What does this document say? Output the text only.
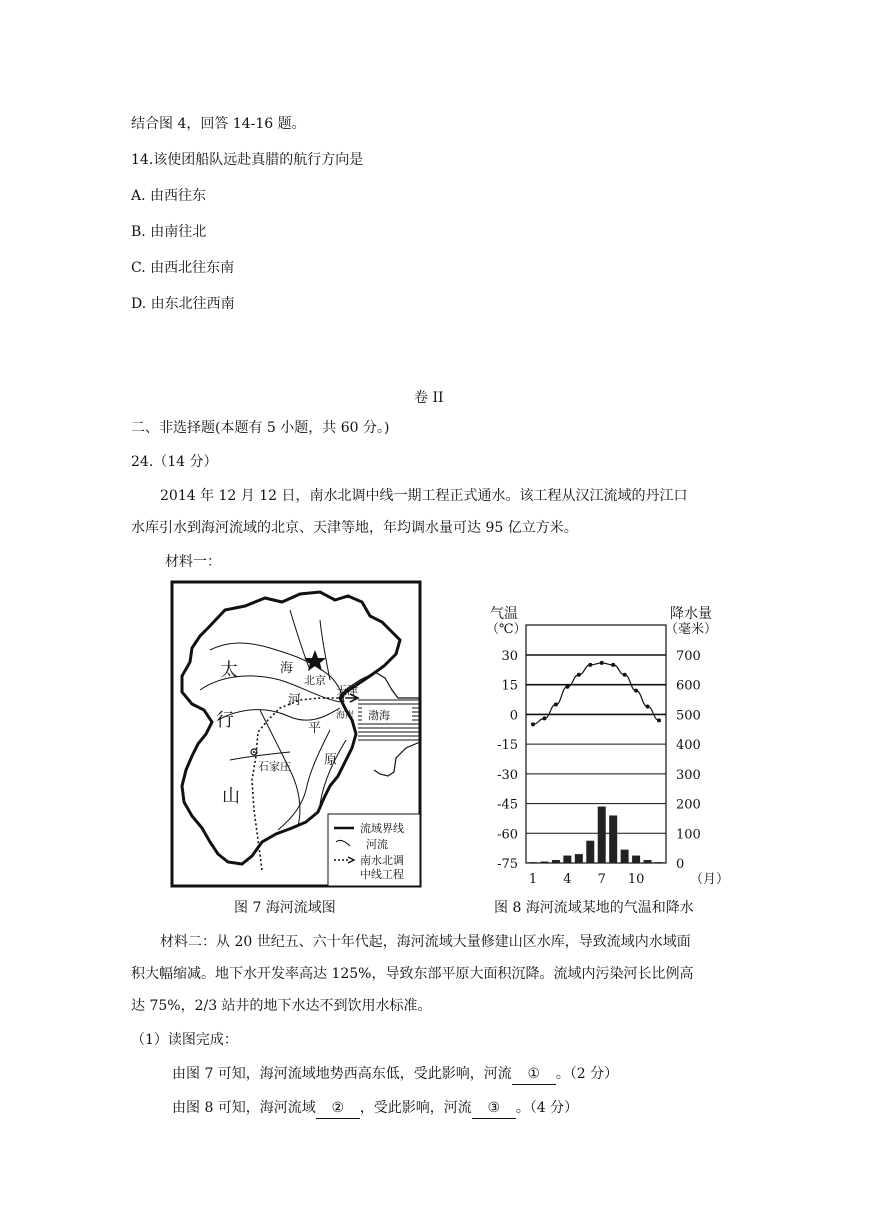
结合图 4，回答 14-16 题。
14.该使团船队远赴真腊的航行方向是
A. 由西往东
B. 由南往北
C. 由西北往东南
D. 由东北往西南
卷 II
二、非选择题(本题有 5 小题，共 60 分。)
24.（14 分）
2014 年 12 月 12 日，南水北调中线一期工程正式通水。该工程从汉江流域的丹江口
水库引水到海河流域的北京、天津等地，年均调水量可达 95 亿立方米。
材料一：
太	海
河
行
山
平
原
北京
天津
海岸 渤海
石家庄
流域界线
河流
南水北调
中线工程
图 7 海河流域图
气温
（℃）
降水量
（毫米）
30	700
15	600
0	500
-15	400
-30	300
-45	200
-60	100
-75	0
1 4 7 10	（月）
图 8 海河流域某地的气温和降水
材料二：从 20 世纪五、六十年代起，海河流域大量修建山区水库，导致流域内水域面
积大幅缩减。地下水开发率高达 125%，导致东部平原大面积沉降。流域内污染河长比例高
达 75%，2/3 站井的地下水达不到饮用水标准。
（1）读图完成：
由图 7 可知，海河流域地势西高东低，受此影响，河流 ① 。（2 分）
由图 8 可知，海河流域 ② ，受此影响，河流 ③ 。（4 分）
